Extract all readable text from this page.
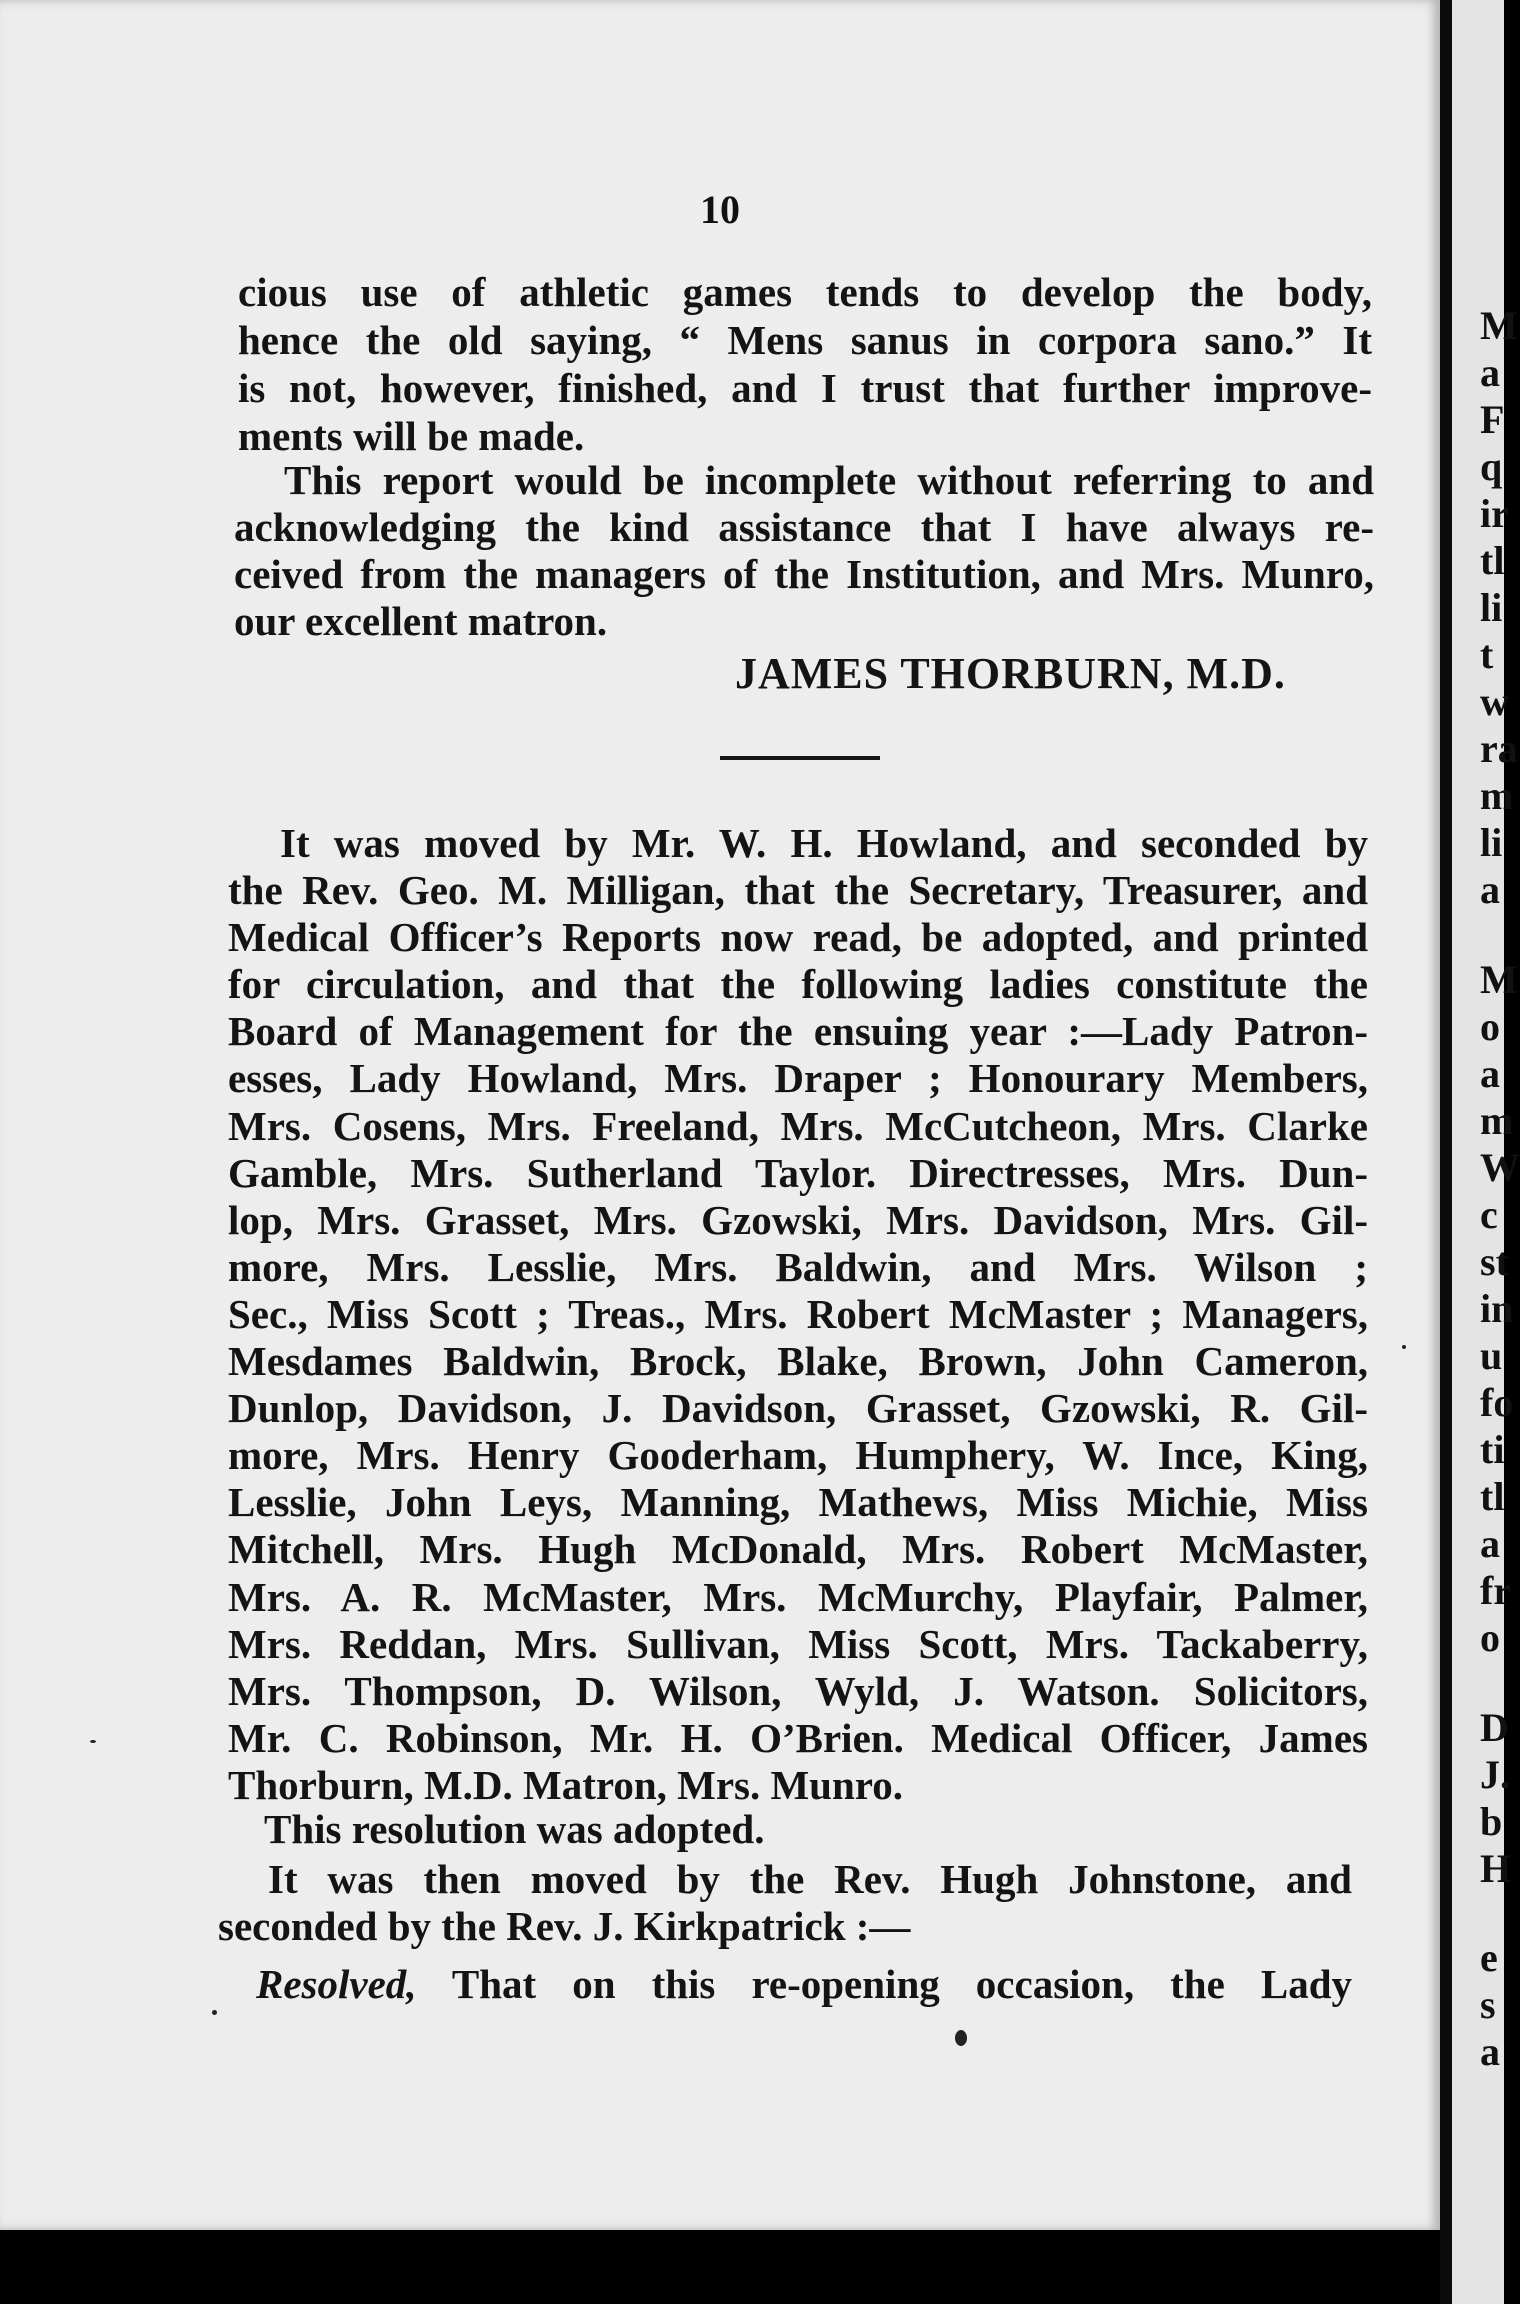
10
cious use of athletic games tends to develop the body,
hence the old saying, “ Mens sanus in corpora sano.” It
is not, however, finished, and I trust that further improve-
ments will be made.
This report would be incomplete without referring to and
acknowledging the kind assistance that I have always re-
ceived from the managers of the Institution, and Mrs. Munro,
our excellent matron.
JAMES THORBURN, M.D.
It was moved by Mr. W. H. Howland, and seconded by
the Rev. Geo. M. Milligan, that the Secretary, Treasurer, and
Medical Officer’s Reports now read, be adopted, and printed
for circulation, and that the following ladies constitute the
Board of Management for the ensuing year :—Lady Patron-
esses, Lady Howland, Mrs. Draper ; Honourary Members,
Mrs. Cosens, Mrs. Freeland, Mrs. McCutcheon, Mrs. Clarke
Gamble, Mrs. Sutherland Taylor. Directresses, Mrs. Dun-
lop, Mrs. Grasset, Mrs. Gzowski, Mrs. Davidson, Mrs. Gil-
more, Mrs. Lesslie, Mrs. Baldwin, and Mrs. Wilson ;
Sec., Miss Scott ; Treas., Mrs. Robert McMaster ; Managers,
Mesdames Baldwin, Brock, Blake, Brown, John Cameron,
Dunlop, Davidson, J. Davidson, Grasset, Gzowski, R. Gil-
more, Mrs. Henry Gooderham, Humphery, W. Ince, King,
Lesslie, John Leys, Manning, Mathews, Miss Michie, Miss
Mitchell, Mrs. Hugh McDonald, Mrs. Robert McMaster,
Mrs. A. R. McMaster, Mrs. McMurchy, Playfair, Palmer,
Mrs. Reddan, Mrs. Sullivan, Miss Scott, Mrs. Tackaberry,
Mrs. Thompson, D. Wilson, Wyld, J. Watson. Solicitors,
Mr. C. Robinson, Mr. H. O’Brien. Medical Officer, James
Thorburn, M.D. Matron, Mrs. Munro.
This resolution was adopted.
It was then moved by the Rev. Hugh Johnstone, and
seconded by the Rev. J. Kirkpatrick :—
Resolved, That on this re-opening occasion, the Lady
M
a
F
q
ir
tl
li
t
w
ra
m
li
a
M
o
a
m
W
c
st
in
u
fo
ti
tl
a
fr
o
D
J.
b
H
e
s
a
